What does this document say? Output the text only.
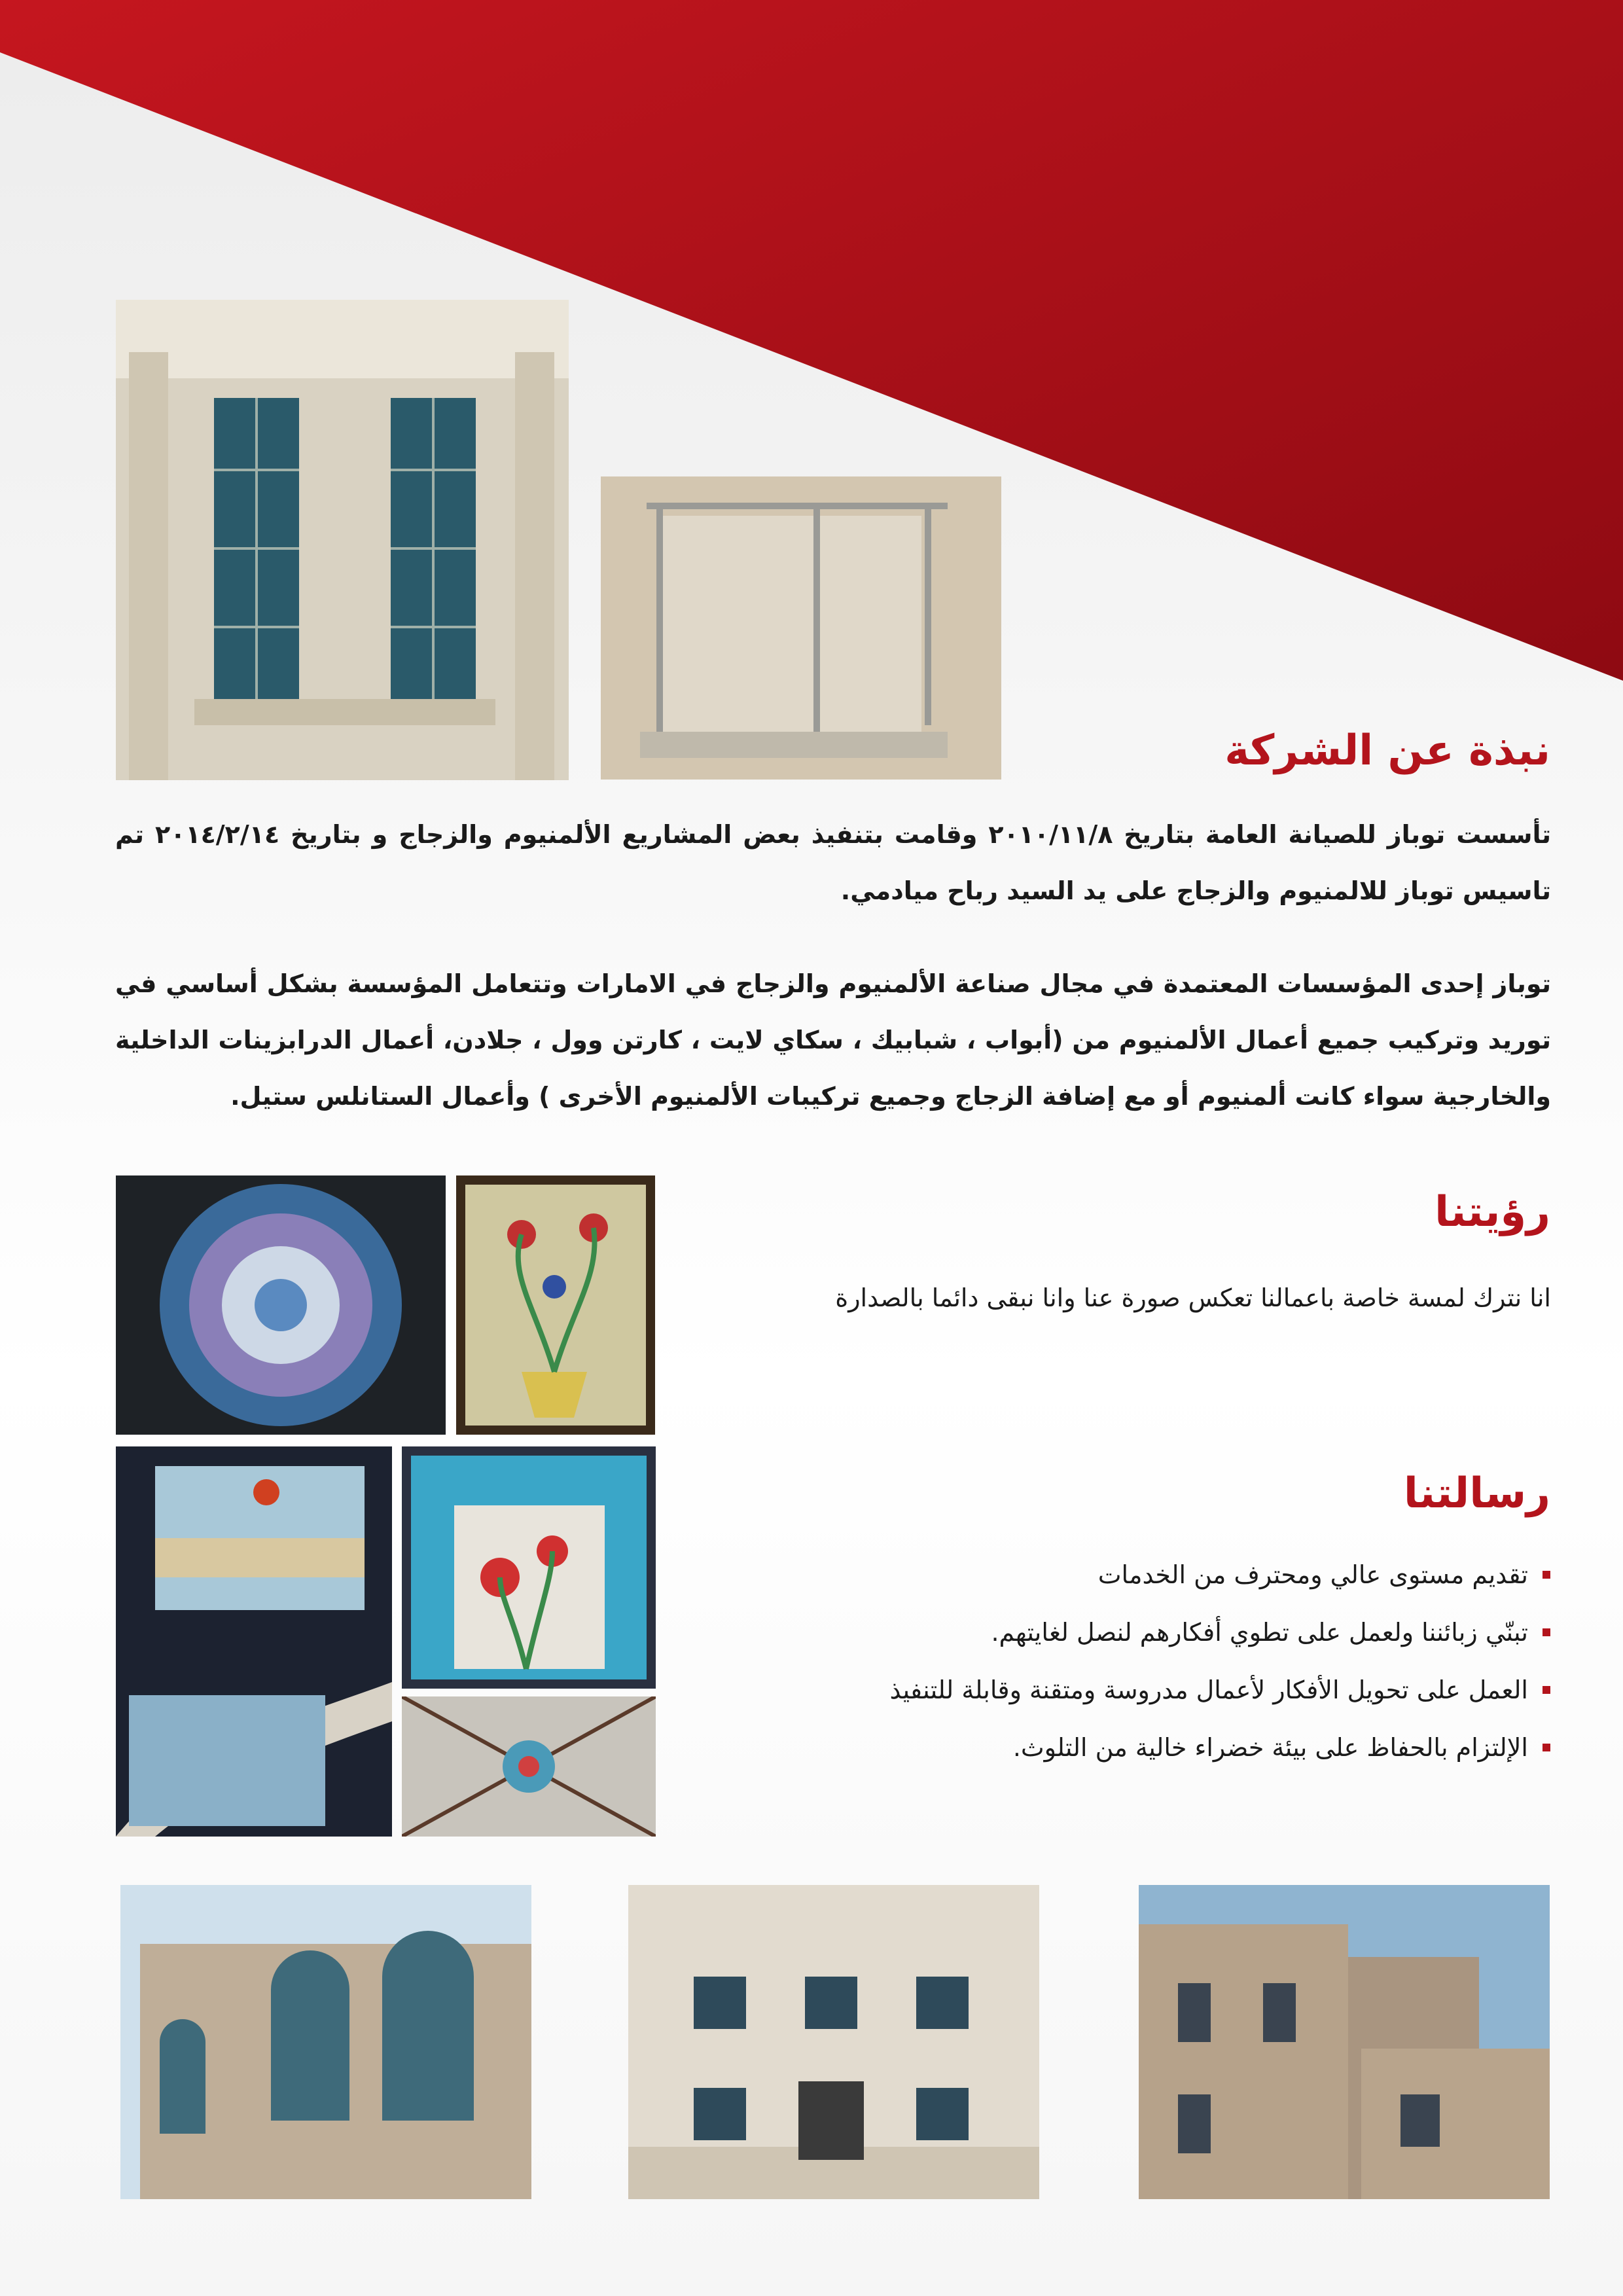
نبذة عن الشركة
تأسست توباز للصيانة العامة بتاريخ ٢٠١٠/١١/٨ وقامت بتنفيذ بعض المشاريع الألمنيوم والزجاج و بتاريخ ٢٠١٤/٢/١٤ تم تاسيس توباز للالمنيوم والزجاج على يد السيد رباح ميادمي.
توباز إحدى المؤسسات المعتمدة في مجال صناعة الألمنيوم والزجاج في الامارات وتتعامل المؤسسة بشكل أساسي في توريد وتركيب جميع أعمال الألمنيوم من (أبواب ، شبابيك ، سكاي لايت ، كارتن وول ، جلادن، أعمال الدرابزينات الداخلية والخارجية سواء كانت ألمنيوم أو مع إضافة الزجاج وجميع تركيبات الألمنيوم الأخرى ) وأعمال الستانلس ستيل.
رؤيتنا
انا نترك لمسة خاصة باعمالنا تعكس صورة عنا وانا نبقى دائما بالصدارة
رسالتنا
تقديم مستوى عالي ومحترف من الخدمات
تبنّي زبائننا ولعمل على تطوي أفكارهم لنصل لغايتهم.
العمل على تحويل الأفكار لأعمال مدروسة ومتقنة وقابلة للتنفيذ
الإلتزام بالحفاظ على بيئة خضراء خالية من التلوث.
